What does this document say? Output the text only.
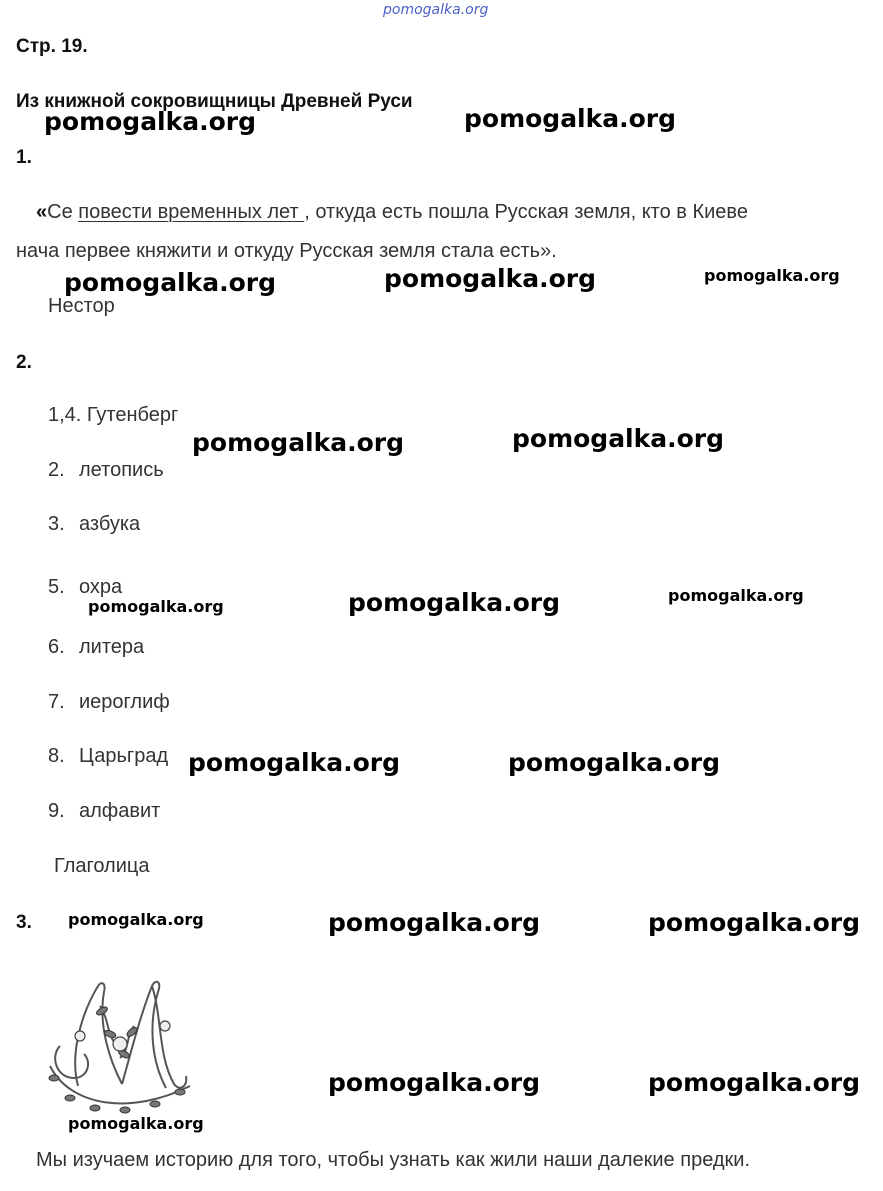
pomogalka.org
Стр. 19.
Из книжной сокровищницы Древней Руси
1.
«Се повести временных лет , откуда есть пошла Русская земля, кто в Киеве
нача первее княжити и откуду Русская земля стала есть».
Нестор
2.
1,4. Гутенберг
2. летопись
3. азбука
5. охра
6. литера
7. иероглиф
8. Царьград
9. алфавит
Глаголица
3.
Мы изучаем историю для того, чтобы узнать как жили наши далекие предки.
pomogalka.org	pomogalka.org
pomogalka.org	pomogalka.org	pomogalka.org
pomogalka.org	pomogalka.org
pomogalka.org	pomogalka.org	pomogalka.org
pomogalka.org	pomogalka.org
pomogalka.org	pomogalka.org	pomogalka.org
pomogalka.org	pomogalka.org
pomogalka.org
